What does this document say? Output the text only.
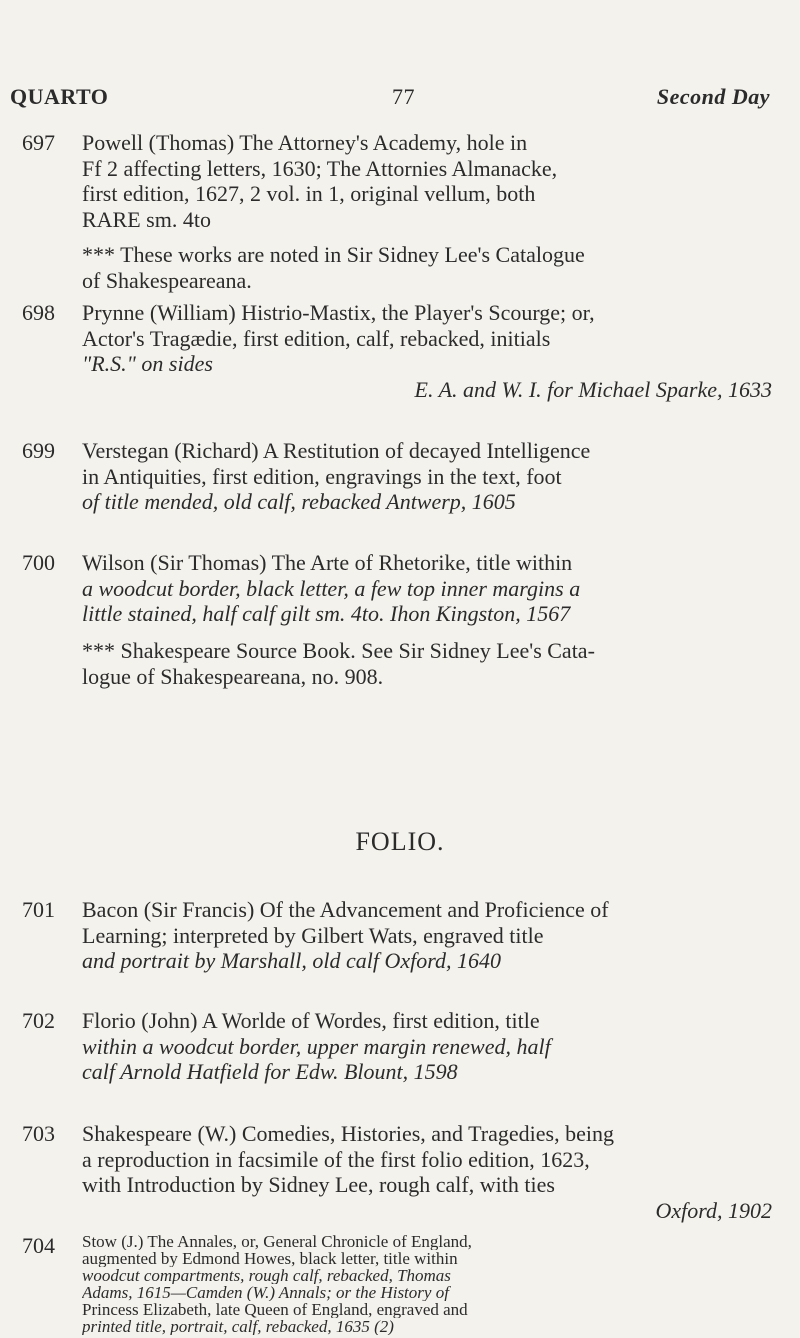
QUARTO	77	Second Day
697 Powell (Thomas) The Attorney's Academy, hole in
Ff 2 affecting letters, 1630; The Attornies Almanacke,
first edition, 1627, 2 vol. in 1, original vellum, both
RARE sm. 4to
*** These works are noted in Sir Sidney Lee's Catalogue
of Shakespeareana.
698 Prynne (William) Histrio-Mastix, the Player's Scourge; or,
Actor's Tragædie, first edition, calf, rebacked, initials
"R.S." on sides
E. A. and W. I. for Michael Sparke, 1633
699 Verstegan (Richard) A Restitution of decayed Intelligence
in Antiquities, first edition, engravings in the text, foot
of title mended, old calf, rebacked Antwerp, 1605
700 Wilson (Sir Thomas) The Arte of Rhetorike, title within
a woodcut border, black letter, a few top inner margins a
little stained, half calf gilt sm. 4to. Ihon Kingston, 1567
*** Shakespeare Source Book. See Sir Sidney Lee's Cata-
logue of Shakespeareana, no. 908.
FOLIO.
701 Bacon (Sir Francis) Of the Advancement and Proficience of
Learning; interpreted by Gilbert Wats, engraved title
and portrait by Marshall, old calf Oxford, 1640
702 Florio (John) A Worlde of Wordes, first edition, title
within a woodcut border, upper margin renewed, half
calf Arnold Hatfield for Edw. Blount, 1598
703 Shakespeare (W.) Comedies, Histories, and Tragedies, being
a reproduction in facsimile of the first folio edition, 1623,
with Introduction by Sidney Lee, rough calf, with ties
Oxford, 1902
704 Stow (J.) The Annales, or, General Chronicle of England,
augmented by Edmond Howes, black letter, title within
woodcut compartments, rough calf, rebacked, Thomas
Adams, 1615—Camden (W.) Annals; or the History of
Princess Elizabeth, late Queen of England, engraved and
printed title, portrait, calf, rebacked, 1635 (2)
